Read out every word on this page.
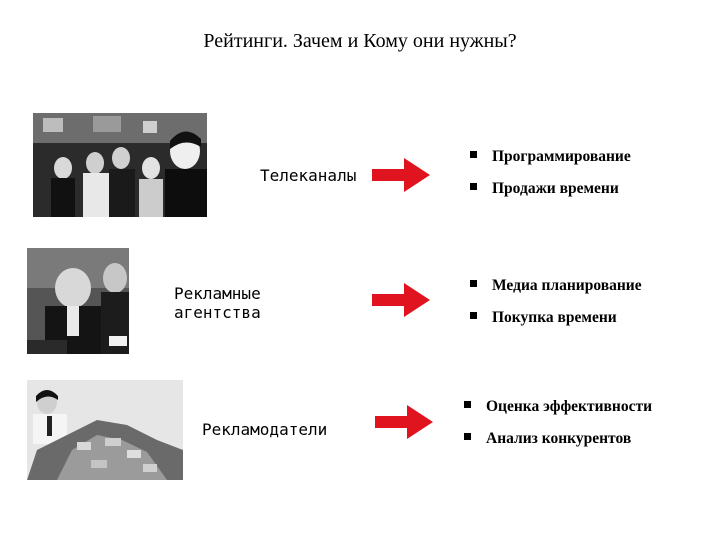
Рейтинги. Зачем и Кому они нужны?
Телеканалы
Программирование
Продажи времени
Рекламные
агентства
Медиа планирование
Покупка времени
Рекламодатели
Оценка эффективности
Анализ конкурентов
